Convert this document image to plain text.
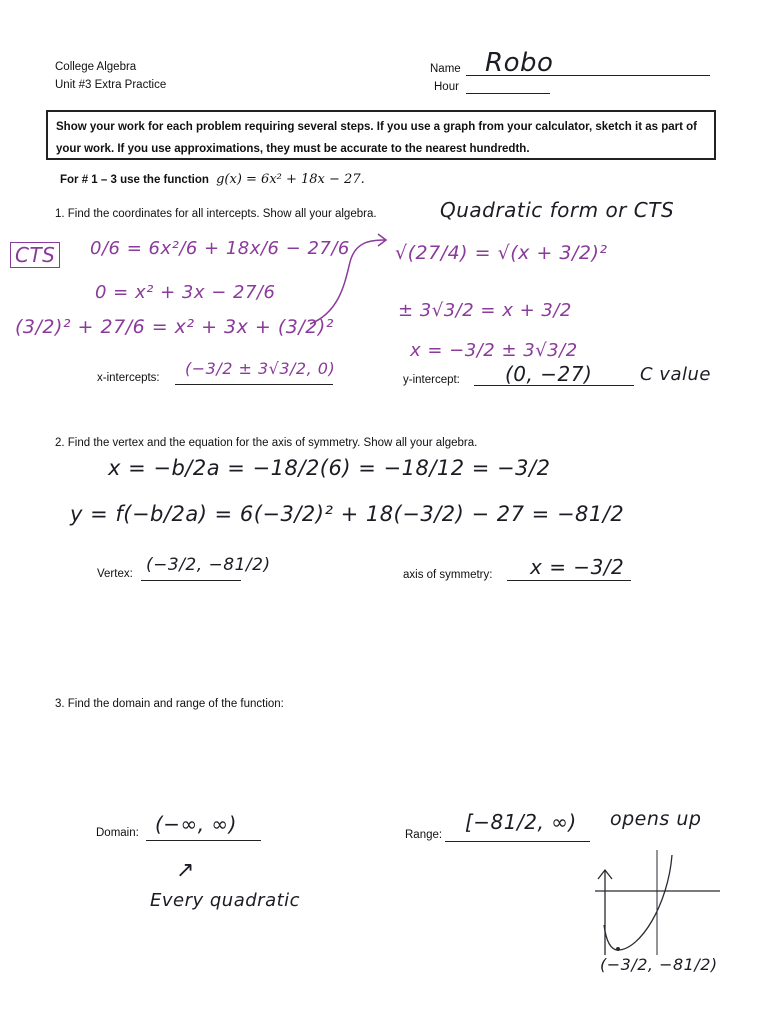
College Algebra
Unit #3 Extra Practice
Name Robo
Hour
Show your work for each problem requiring several steps. If you use a graph from your calculator, sketch it as part of your work. If you use approximations, they must be accurate to the nearest hundredth.
For # 1 – 3 use the function g(x) = 6x² + 18x − 27.
1. Find the coordinates for all intercepts. Show all your algebra.	Quadratic form or CTS
CTS 0/6 = 6x²/6 + 18x/6 − 27/6
0 = x² + 3x − 27/6
(3/2)² + 27/6 = x² + 3x + (3/2)²
√(27/4) = √(x + 3/2)²
± 3√3/2 = x + 3/2
x = −3/2 ± 3√3/2
x-intercepts: (−3/2 ± 3√3/2, 0)
y-intercept: (0, −27)	C value
2. Find the vertex and the equation for the axis of symmetry. Show all your algebra.
x = −b/2a = −18/2(6) = −18/12 = −3/2
y = f(−b/2a) = 6(−3/2)² + 18(−3/2) − 27 = −81/2
Vertex: (−3/2, −81/2)	axis of symmetry: x = −3/2
3. Find the domain and range of the function:
Domain: (−∞, ∞)
↗
Every quadratic
Range:
[−81/2, ∞) opens up
(−3/2, −81/2)
